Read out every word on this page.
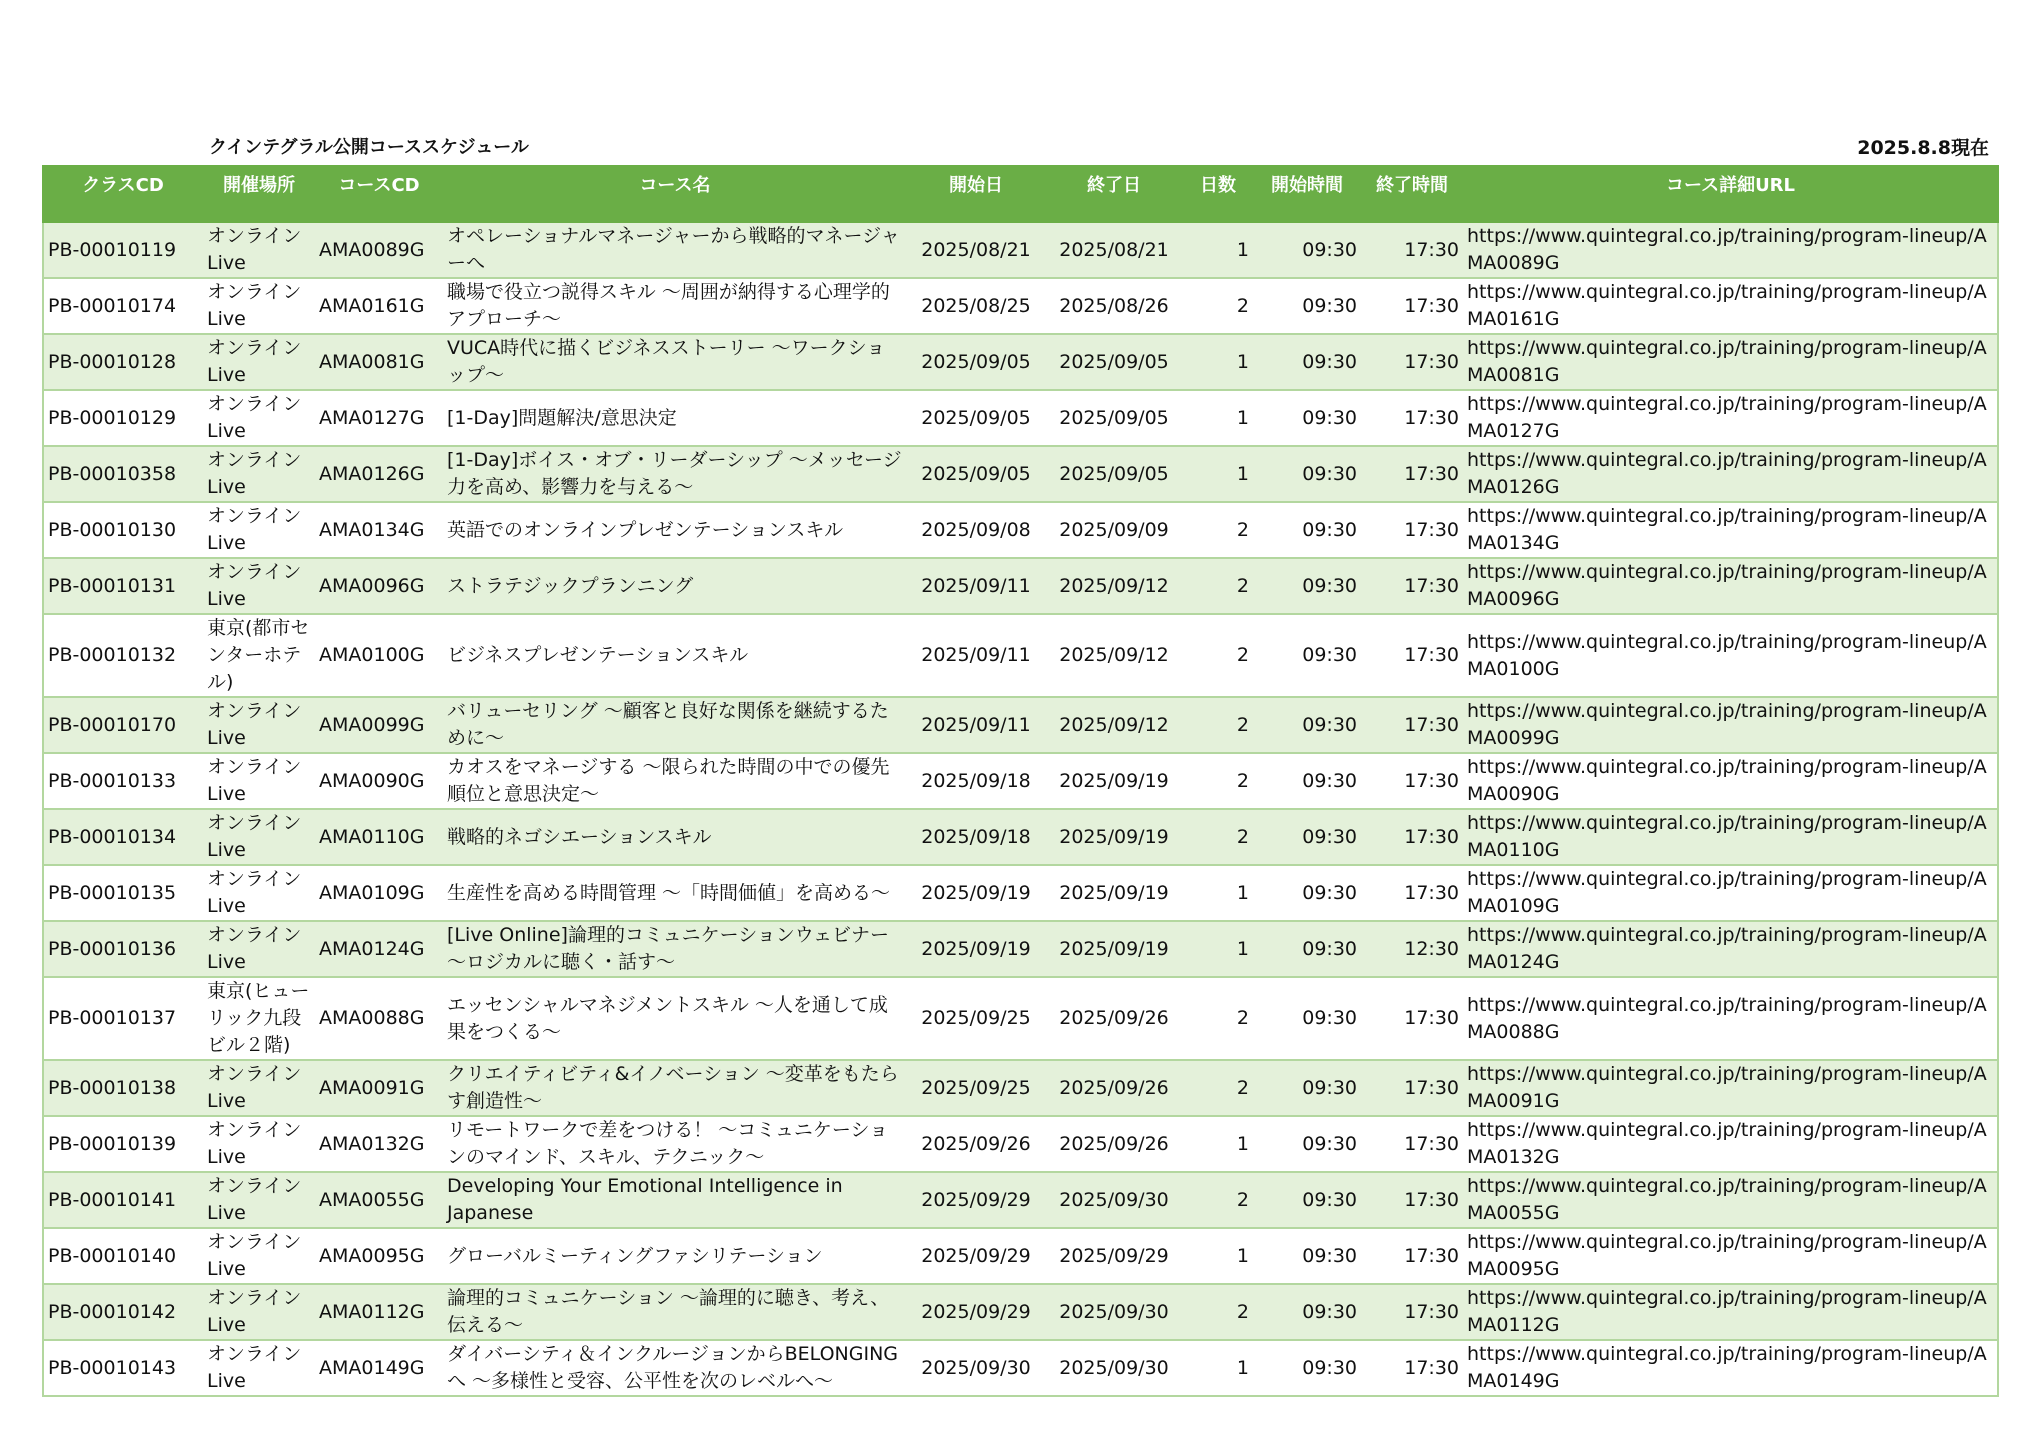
クインテグラル公開コーススケジュール	2025.8.8現在
クラスCD	開催場所	コースCD	コース名	開始日	終了日	日数	開始時間	終了時間	コース詳細URL
PB-00010119	オンライン Live	AMA0089G	オペレーショナルマネージャーから戦略的マネージャーへ	2025/08/21	2025/08/21	1	09:30	17:30	https://www.quintegral.co.jp/training/program-lineup/AMA0089G
PB-00010174	オンライン Live	AMA0161G	職場で役立つ説得スキル ～周囲が納得する心理学的アプローチ～	2025/08/25	2025/08/26	2	09:30	17:30	https://www.quintegral.co.jp/training/program-lineup/AMA0161G
PB-00010128	オンライン Live	AMA0081G	VUCA時代に描くビジネスストーリー ～ワークショップ～	2025/09/05	2025/09/05	1	09:30	17:30	https://www.quintegral.co.jp/training/program-lineup/AMA0081G
PB-00010129	オンライン Live	AMA0127G	[1-Day]問題解決/意思決定	2025/09/05	2025/09/05	1	09:30	17:30	https://www.quintegral.co.jp/training/program-lineup/AMA0127G
PB-00010358	オンライン Live	AMA0126G	[1-Day]ボイス・オブ・リーダーシップ ～メッセージ力を高め、影響力を与える～	2025/09/05	2025/09/05	1	09:30	17:30	https://www.quintegral.co.jp/training/program-lineup/AMA0126G
PB-00010130	オンライン Live	AMA0134G	英語でのオンラインプレゼンテーションスキル	2025/09/08	2025/09/09	2	09:30	17:30	https://www.quintegral.co.jp/training/program-lineup/AMA0134G
PB-00010131	オンライン Live	AMA0096G	ストラテジックプランニング	2025/09/11	2025/09/12	2	09:30	17:30	https://www.quintegral.co.jp/training/program-lineup/AMA0096G
PB-00010132	東京(都市センターホテル)	AMA0100G	ビジネスプレゼンテーションスキル	2025/09/11	2025/09/12	2	09:30	17:30	https://www.quintegral.co.jp/training/program-lineup/AMA0100G
PB-00010170	オンライン Live	AMA0099G	バリューセリング ～顧客と良好な関係を継続するために～	2025/09/11	2025/09/12	2	09:30	17:30	https://www.quintegral.co.jp/training/program-lineup/AMA0099G
PB-00010133	オンライン Live	AMA0090G	カオスをマネージする ～限られた時間の中での優先順位と意思決定～	2025/09/18	2025/09/19	2	09:30	17:30	https://www.quintegral.co.jp/training/program-lineup/AMA0090G
PB-00010134	オンライン Live	AMA0110G	戦略的ネゴシエーションスキル	2025/09/18	2025/09/19	2	09:30	17:30	https://www.quintegral.co.jp/training/program-lineup/AMA0110G
PB-00010135	オンライン Live	AMA0109G	生産性を高める時間管理 ～「時間価値」を高める～	2025/09/19	2025/09/19	1	09:30	17:30	https://www.quintegral.co.jp/training/program-lineup/AMA0109G
PB-00010136	オンライン Live	AMA0124G	[Live Online]論理的コミュニケーションウェビナー ～ロジカルに聴く・話す～	2025/09/19	2025/09/19	1	09:30	12:30	https://www.quintegral.co.jp/training/program-lineup/AMA0124G
PB-00010137	東京(ヒューリック九段ビル２階)	AMA0088G	エッセンシャルマネジメントスキル ～人を通して成果をつくる～	2025/09/25	2025/09/26	2	09:30	17:30	https://www.quintegral.co.jp/training/program-lineup/AMA0088G
PB-00010138	オンライン Live	AMA0091G	クリエイティビティ&イノベーション ～変革をもたらす創造性～	2025/09/25	2025/09/26	2	09:30	17:30	https://www.quintegral.co.jp/training/program-lineup/AMA0091G
PB-00010139	オンライン Live	AMA0132G	リモートワークで差をつける！ ～コミュニケーションのマインド、スキル、テクニック～	2025/09/26	2025/09/26	1	09:30	17:30	https://www.quintegral.co.jp/training/program-lineup/AMA0132G
PB-00010141	オンライン Live	AMA0055G	Developing Your Emotional Intelligence in Japanese	2025/09/29	2025/09/30	2	09:30	17:30	https://www.quintegral.co.jp/training/program-lineup/AMA0055G
PB-00010140	オンライン Live	AMA0095G	グローバルミーティングファシリテーション	2025/09/29	2025/09/29	1	09:30	17:30	https://www.quintegral.co.jp/training/program-lineup/AMA0095G
PB-00010142	オンライン Live	AMA0112G	論理的コミュニケーション ～論理的に聴き、考え、伝える～	2025/09/29	2025/09/30	2	09:30	17:30	https://www.quintegral.co.jp/training/program-lineup/AMA0112G
PB-00010143	オンライン Live	AMA0149G	ダイバーシティ＆インクルージョンからBELONGINGへ ～多様性と受容、公平性を次のレベルへ～	2025/09/30	2025/09/30	1	09:30	17:30	https://www.quintegral.co.jp/training/program-lineup/AMA0149G
